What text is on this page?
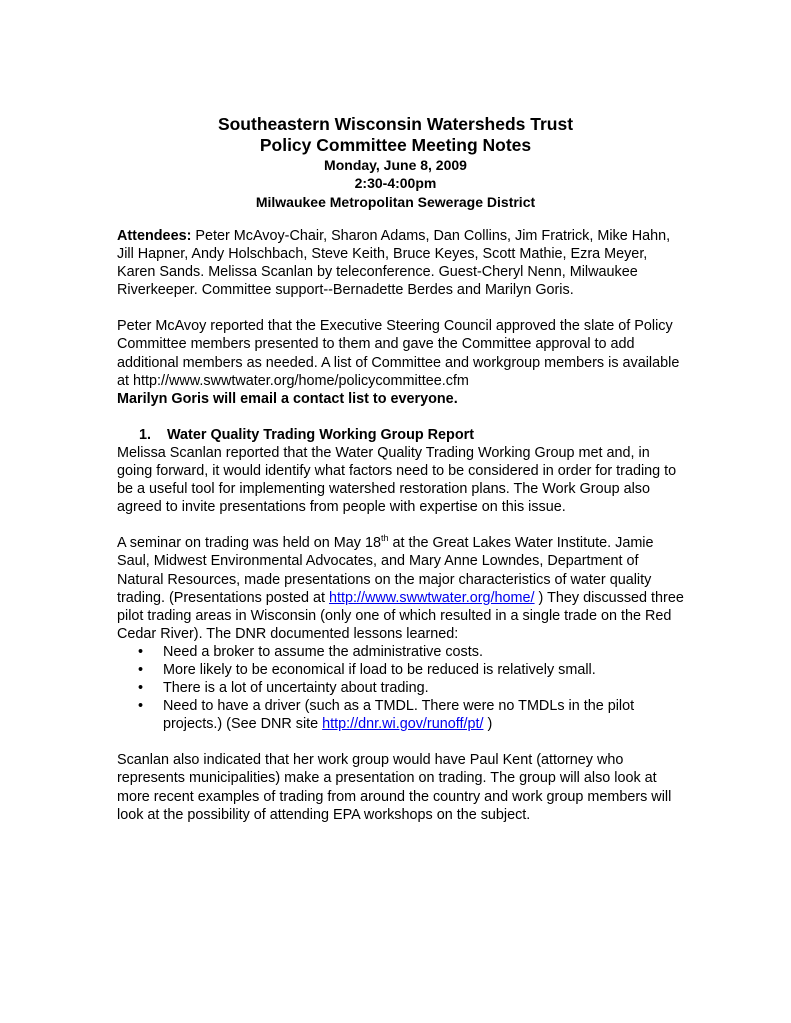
Southeastern Wisconsin Watersheds Trust
Policy Committee Meeting Notes
Monday, June 8, 2009
2:30-4:00pm
Milwaukee Metropolitan Sewerage District

Attendees: Peter McAvoy-Chair, Sharon Adams, Dan Collins, Jim Fratrick, Mike Hahn, Jill Hapner, Andy Holschbach, Steve Keith, Bruce Keyes, Scott Mathie, Ezra Meyer, Karen Sands. Melissa Scanlan by teleconference. Guest-Cheryl Nenn, Milwaukee Riverkeeper. Committee support--Bernadette Berdes and Marilyn Goris.

Peter McAvoy reported that the Executive Steering Council approved the slate of Policy Committee members presented to them and gave the Committee approval to add additional members as needed. A list of Committee and workgroup members is available at http://www.swwtwater.org/home/policycommittee.cfm
Marilyn Goris will email a contact list to everyone.

1. Water Quality Trading Working Group Report

Melissa Scanlan reported that the Water Quality Trading Working Group met and, in going forward, it would identify what factors need to be considered in order for trading to be a useful tool for implementing watershed restoration plans. The Work Group also agreed to invite presentations from people with expertise on this issue.

A seminar on trading was held on May 18th at the Great Lakes Water Institute. Jamie Saul, Midwest Environmental Advocates, and Mary Anne Lowndes, Department of Natural Resources, made presentations on the major characteristics of water quality trading. (Presentations posted at http://www.swwtwater.org/home/ ) They discussed three pilot trading areas in Wisconsin (only one of which resulted in a single trade on the Red Cedar River). The DNR documented lessons learned:

• Need a broker to assume the administrative costs.
• More likely to be economical if load to be reduced is relatively small.
• There is a lot of uncertainty about trading.
• Need to have a driver (such as a TMDL. There were no TMDLs in the pilot projects.) (See DNR site http://dnr.wi.gov/runoff/pt/ )

Scanlan also indicated that her work group would have Paul Kent (attorney who represents municipalities) make a presentation on trading. The group will also look at more recent examples of trading from around the country and work group members will look at the possibility of attending EPA workshops on the subject.
